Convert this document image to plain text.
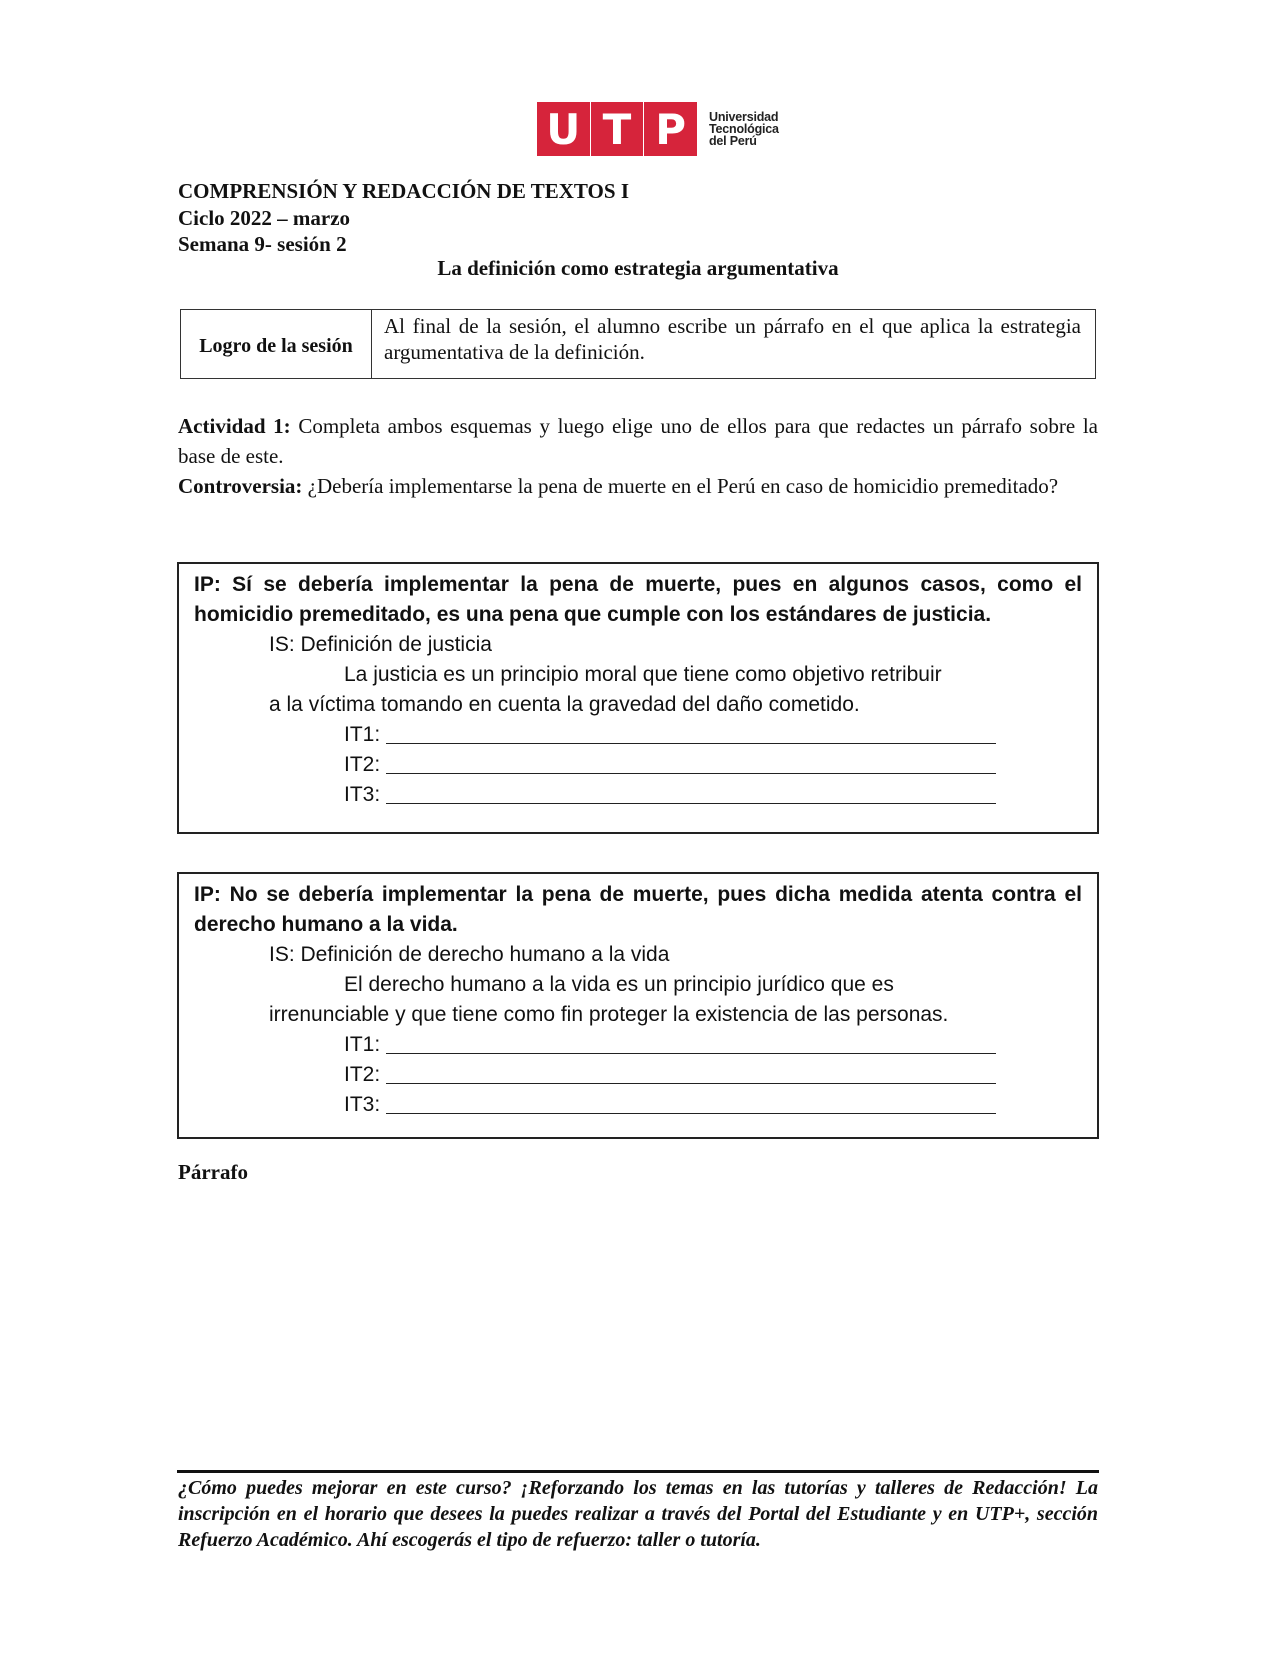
U T P	Universidad
Tecnológica
del Perú
COMPRENSIÓN Y REDACCIÓN DE TEXTOS I
Ciclo 2022 – marzo
Semana 9- sesión 2
La definición como estrategia argumentativa
Logro de la sesión
Al final de la sesión, el alumno escribe un párrafo en el que aplica la estrategia argumentativa de la definición.
Actividad 1: Completa ambos esquemas y luego elige uno de ellos para que redactes un párrafo sobre la base de este.
Controversia: ¿Debería implementarse la pena de muerte en el Perú en caso de homicidio premeditado?
IP: Sí se debería implementar la pena de muerte, pues en algunos casos, como el homicidio premeditado, es una pena que cumple con los estándares de justicia.
IS: Definición de justicia
La justicia es un principio moral que tiene como objetivo retribuir
a la víctima tomando en cuenta la gravedad del daño cometido.
IT1:
IT2:
IT3:
IP: No se debería implementar la pena de muerte, pues dicha medida atenta contra el derecho humano a la vida.
IS: Definición de derecho humano a la vida
El derecho humano a la vida es un principio jurídico que es
irrenunciable y que tiene como fin proteger la existencia de las personas.
IT1:
IT2:
IT3:
Párrafo
¿Cómo puedes mejorar en este curso? ¡Reforzando los temas en las tutorías y talleres de Redacción! La inscripción en el horario que desees la puedes realizar a través del Portal del Estudiante y en UTP+, sección Refuerzo Académico. Ahí escogerás el tipo de refuerzo: taller o tutoría.
